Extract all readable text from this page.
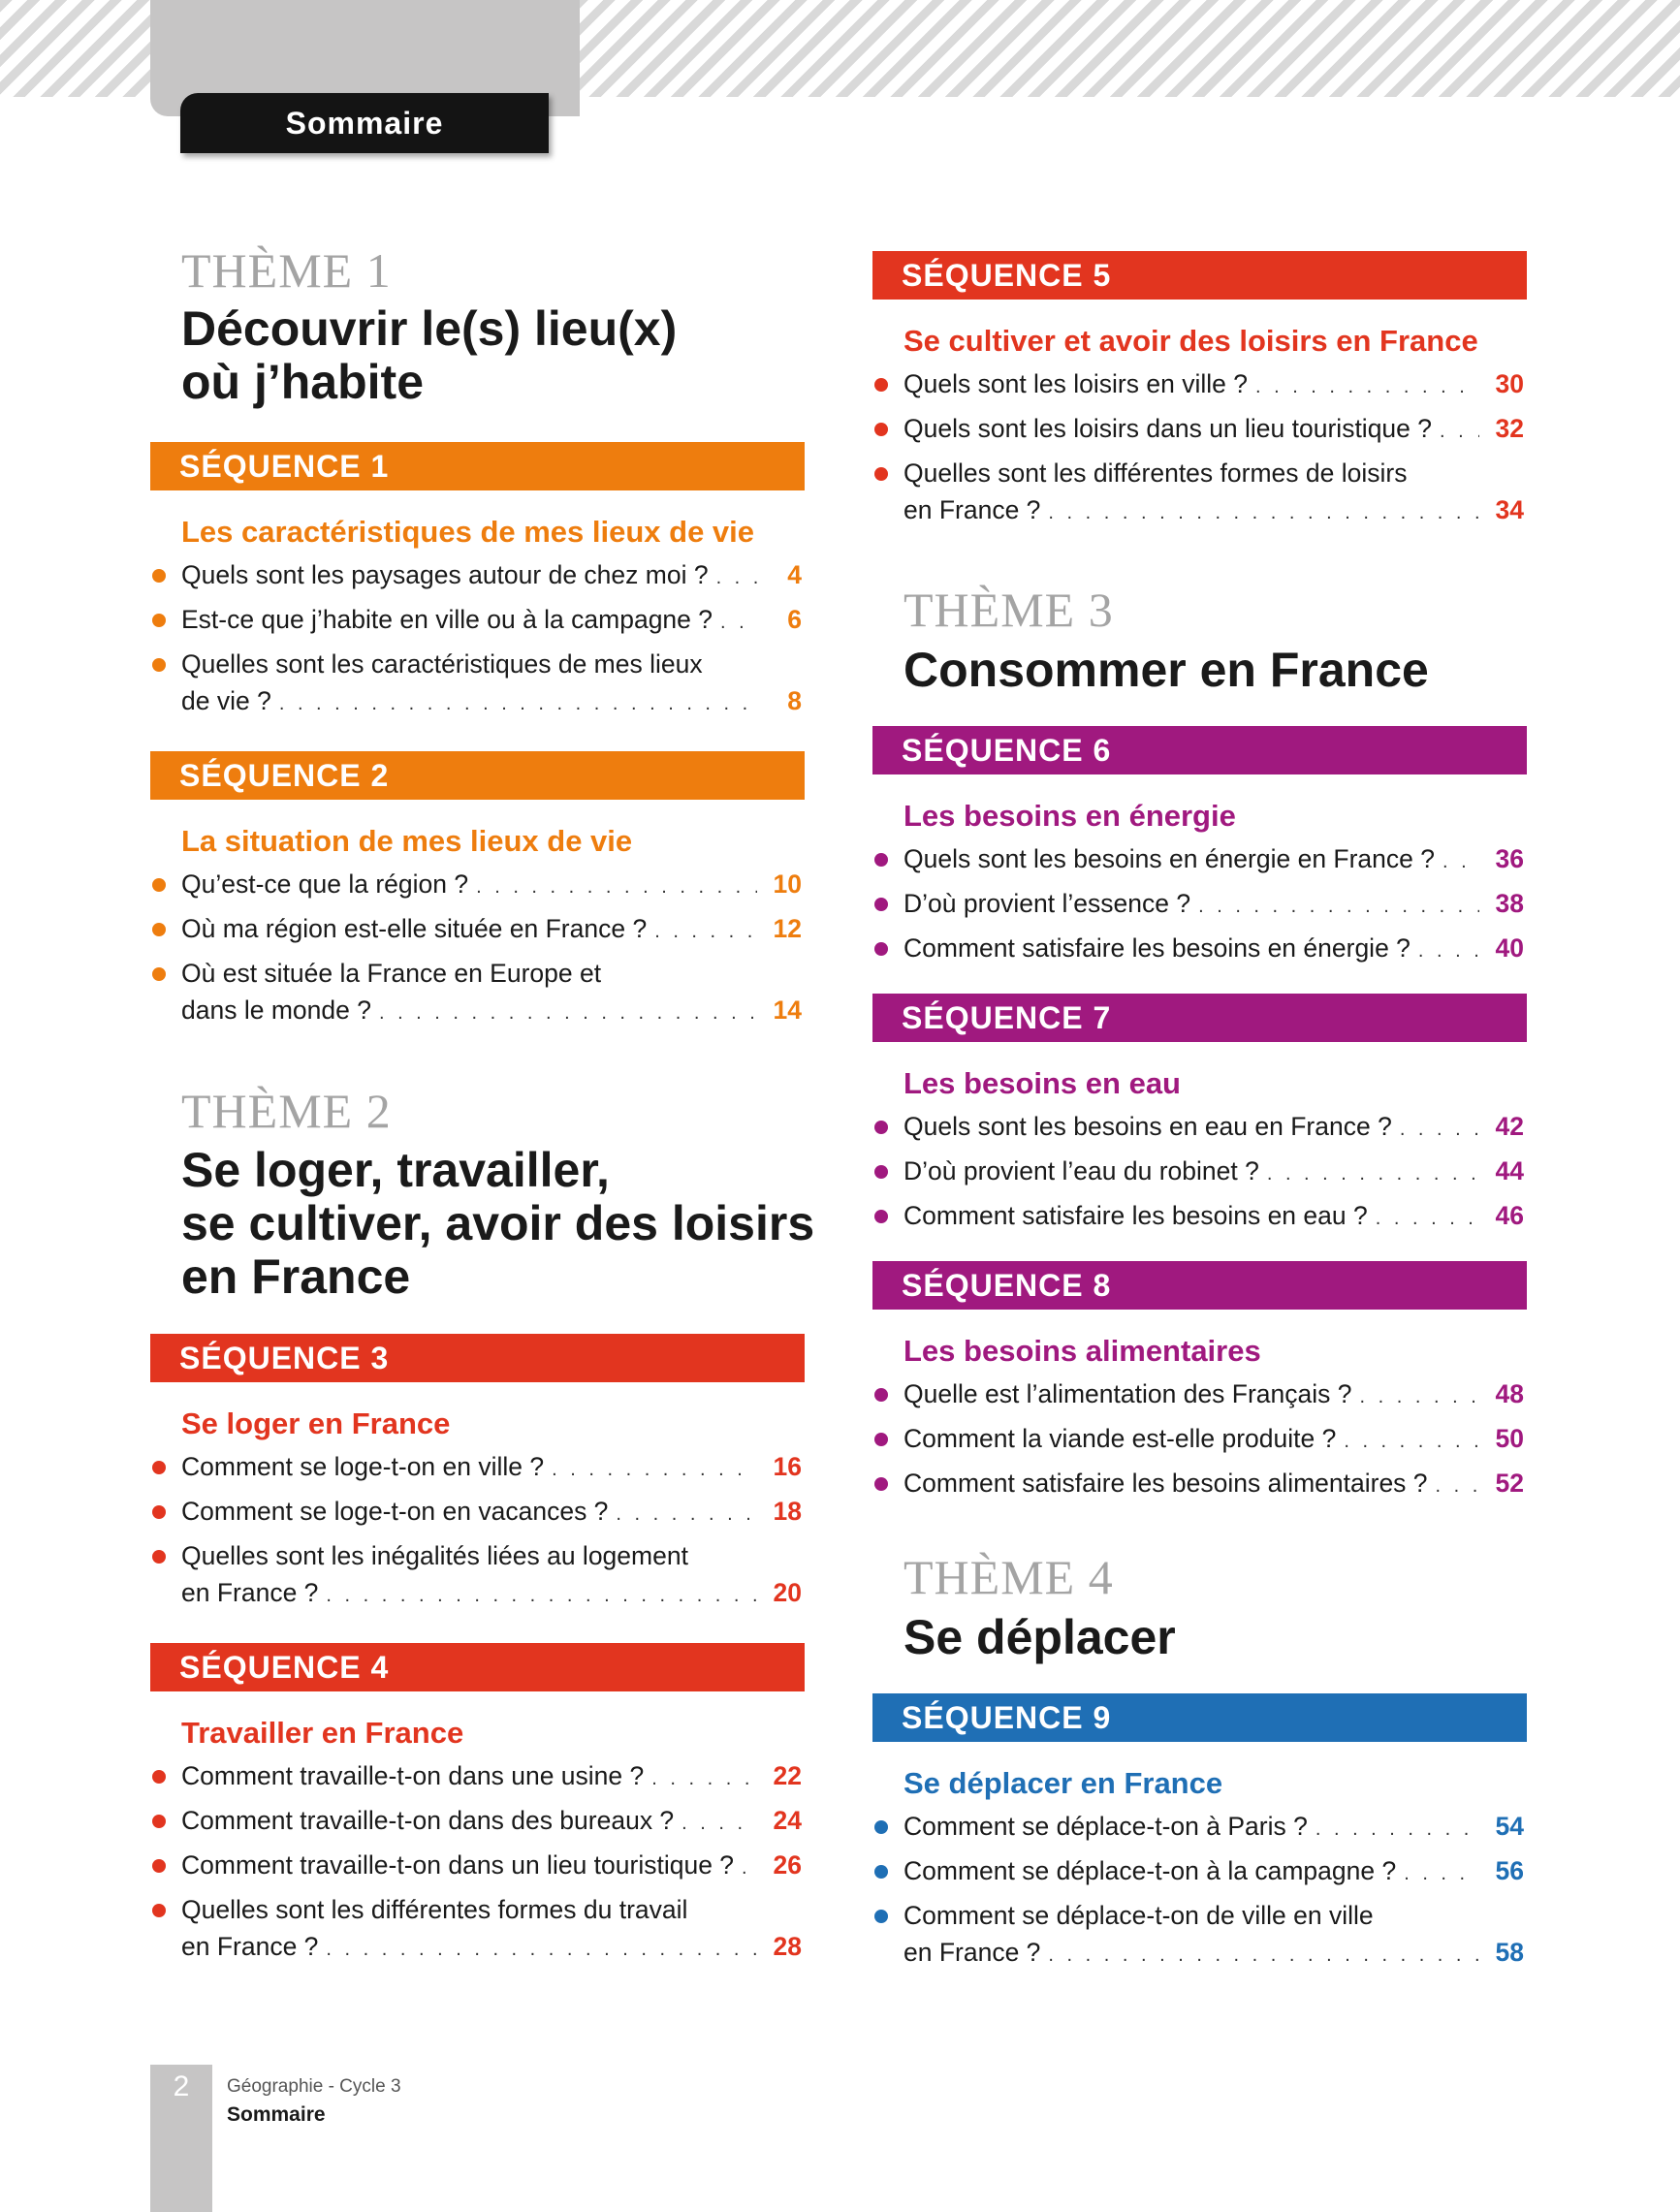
Sommaire
THÈME 1
Découvrir le(s) lieu(x)
où j’habite
THÈME 2
Se loger, travailler,
se cultiver, avoir des loisirs
en France
THÈME 3
Consommer en France
THÈME 4
Se déplacer
SÉQUENCE 1
Les caractéristiques de mes lieux de vie
Quels sont les paysages autour de chez moi ? . . .	4
Est-ce que j’habite en ville ou à la campagne ? . . .	6
Quelles sont les caractéristiques de mes lieux
de vie ? . . .	8
SÉQUENCE 2
La situation de mes lieux de vie
Qu’est-ce que la région ? . . .	10
Où ma région est-elle située en France ? . . .	12
Où est située la France en Europe et
dans le monde ? . . .	14
SÉQUENCE 3
Se loger en France
Comment se loge-t-on en ville ? . . .	16
Comment se loge-t-on en vacances ? . . .	18
Quelles sont les inégalités liées au logement
en France ? . . .	20
SÉQUENCE 4
Travailler en France
Comment travaille-t-on dans une usine ? . . .	22
Comment travaille-t-on dans des bureaux ? . . .	24
Comment travaille-t-on dans un lieu touristique ? . . . 26
Quelles sont les différentes formes du travail
en France ? . . .	28
SÉQUENCE 5
Se cultiver et avoir des loisirs en France
Quels sont les loisirs en ville ? . . .	30
Quels sont les loisirs dans un lieu touristique ? . . . 32
Quelles sont les différentes formes de loisirs
en France ? . . .	34
SÉQUENCE 6
Les besoins en énergie
Quels sont les besoins en énergie en France ? . . . 36
D’où provient l’essence ? . . .	38
Comment satisfaire les besoins en énergie ? . . .	40
SÉQUENCE 7
Les besoins en eau
Quels sont les besoins en eau en France ? . . .	42
D’où provient l’eau du robinet ? . . .	44
Comment satisfaire les besoins en eau ? . . .	46
SÉQUENCE 8
Les besoins alimentaires
Quelle est l’alimentation des Français ? . . .	48
Comment la viande est-elle produite ? . . .	50
Comment satisfaire les besoins alimentaires ? . . .	52
SÉQUENCE 9
Se déplacer en France
Comment se déplace-t-on à Paris ? . . .	54
Comment se déplace-t-on à la campagne ? . . .	56
Comment se déplace-t-on de ville en ville
en France ? . . .	58
2	Géographie - Cycle 3
Sommaire
